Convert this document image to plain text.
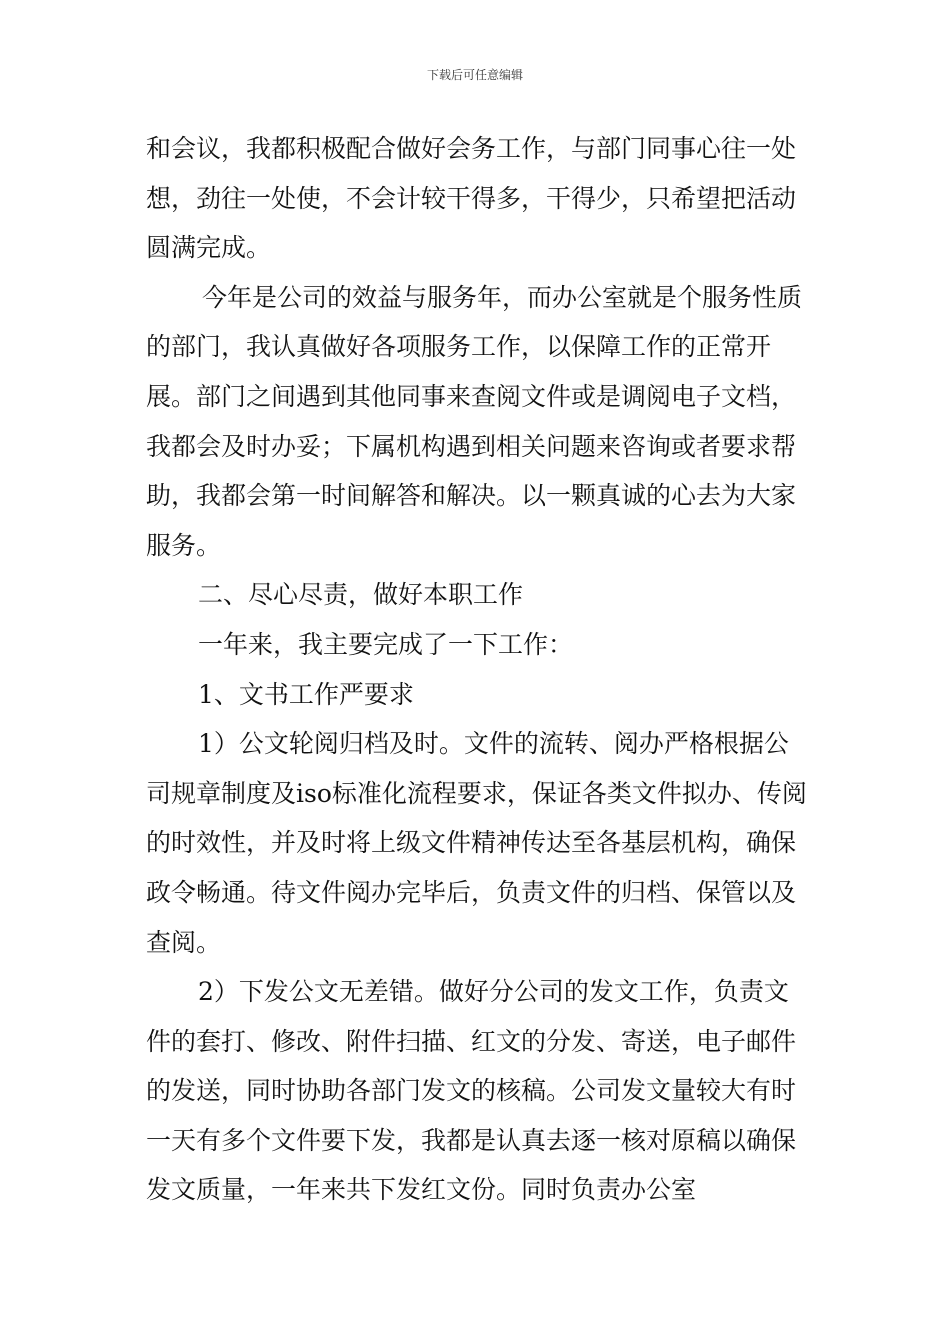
下载后可任意编辑

和会议，我都积极配合做好会务工作，与部门同事心往一处想，劲往一处使，不会计较干得多，干得少，只希望把活动圆满完成。

今年是公司的效益与服务年，而办公室就是个服务性质的部门，我认真做好各项服务工作，以保障工作的正常开展。部门之间遇到其他同事来查阅文件或是调阅电子文档，我都会及时办妥；下属机构遇到相关问题来咨询或者要求帮助，我都会第一时间解答和解决。以一颗真诚的心去为大家服务。

二、尽心尽责，做好本职工作

一年来，我主要完成了一下工作：

1、文书工作严要求

1）公文轮阅归档及时。文件的流转、阅办严格根据公司规章制度及iso标准化流程要求，保证各类文件拟办、传阅的时效性，并及时将上级文件精神传达至各基层机构，确保政令畅通。待文件阅办完毕后，负责文件的归档、保管以及查阅。

2）下发公文无差错。做好分公司的发文工作，负责文件的套打、修改、附件扫描、红文的分发、寄送，电子邮件的发送，同时协助各部门发文的核稿。公司发文量较大有时一天有多个文件要下发，我都是认真去逐一核对原稿以确保发文质量，一年来共下发红文份。同时负责办公室
